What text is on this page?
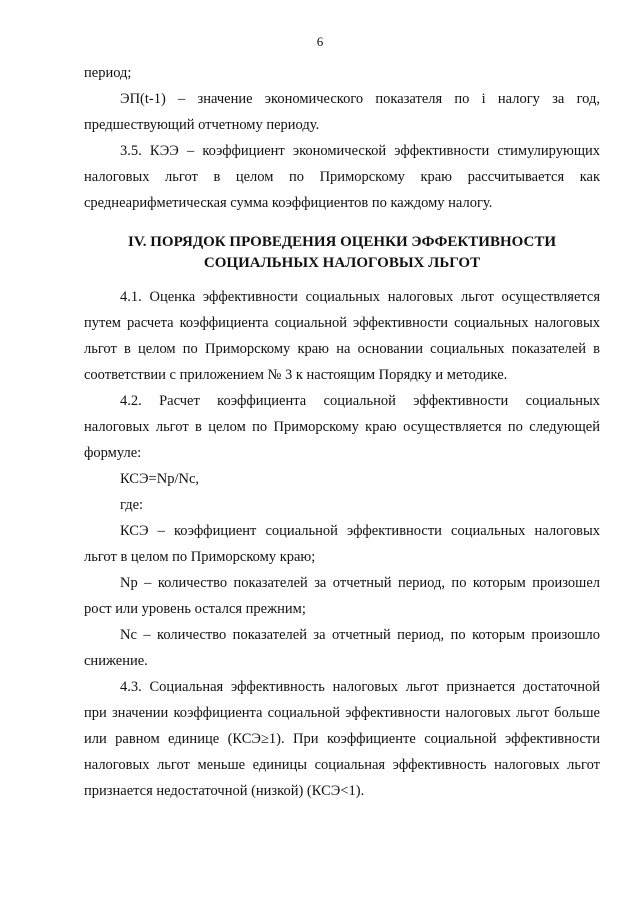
6

период;

ЭП(t-1) – значение экономического показателя по i налогу за год, предшествующий отчетному периоду.

3.5. КЭЭ – коэффициент экономической эффективности стимулирующих налоговых льгот в целом по Приморскому краю рассчитывается как среднеарифметическая сумма коэффициентов по каждому налогу.

IV. ПОРЯДОК ПРОВЕДЕНИЯ ОЦЕНКИ ЭФФЕКТИВНОСТИ

СОЦИАЛЬНЫХ НАЛОГОВЫХ ЛЬГОТ

4.1. Оценка эффективности социальных налоговых льгот осуществляется путем расчета коэффициента социальной эффективности социальных налоговых льгот в целом по Приморскому краю на основании социальных показателей в соответствии с приложением № 3 к настоящим Порядку и методике.

4.2. Расчет коэффициента социальной эффективности социальных налоговых льгот в целом по Приморскому краю осуществляется по следующей формуле:

КСЭ=Np/Nc,

где:

КСЭ – коэффициент социальной эффективности социальных налоговых льгот в целом по Приморскому краю;

Np – количество показателей за отчетный период, по которым произошел рост или уровень остался прежним;

Nc – количество показателей за отчетный период, по которым произошло снижение.

4.3. Социальная эффективность налоговых льгот признается достаточной при значении коэффициента социальной эффективности налоговых льгот больше или равном единице (КСЭ≥1). При коэффициенте социальной эффективности налоговых льгот меньше единицы социальная эффективность налоговых льгот признается недостаточной (низкой) (КСЭ<1).
